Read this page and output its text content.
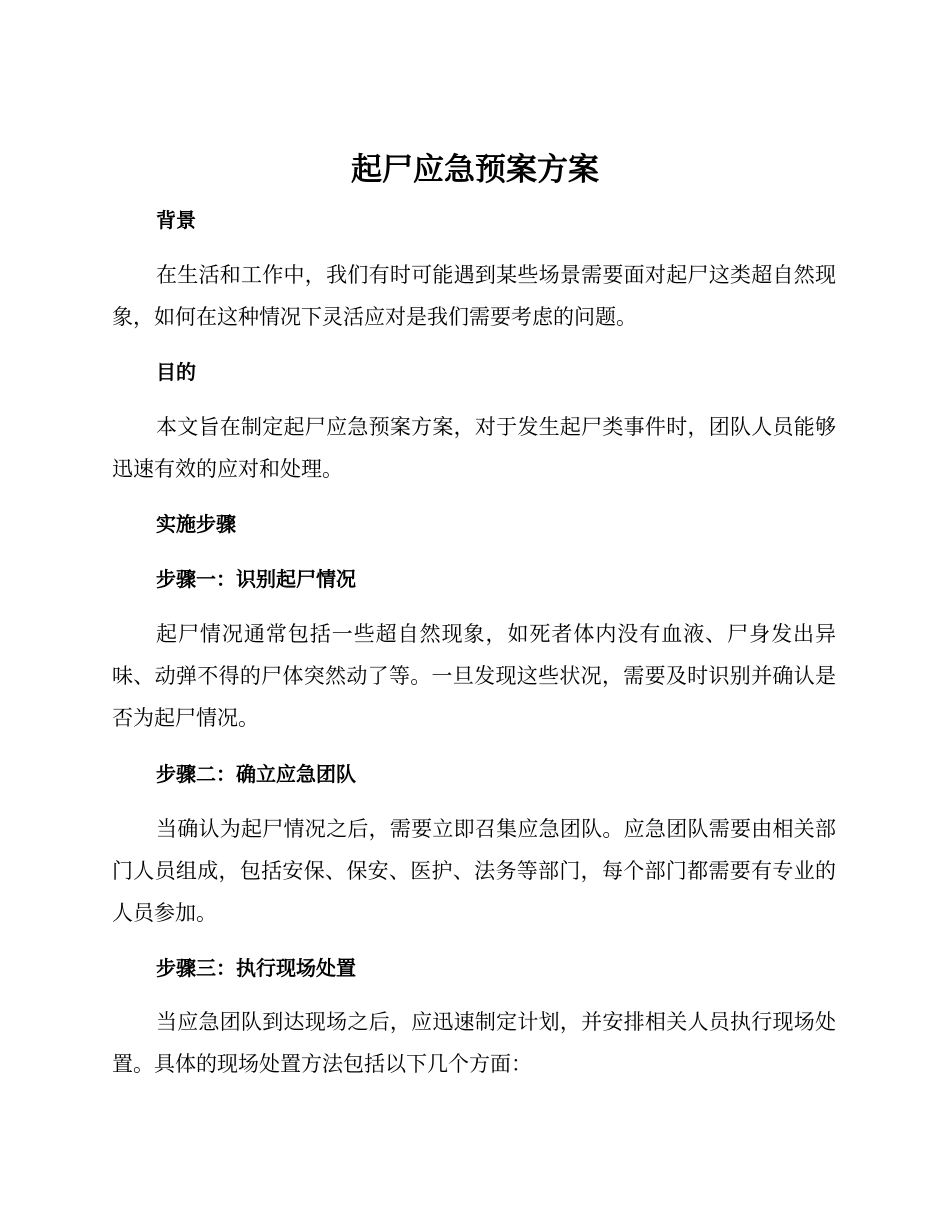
起尸应急预案方案
背景

在生活和工作中，我们有时可能遇到某些场景需要面对起尸这类超自然现象，如何在这种情况下灵活应对是我们需要考虑的问题。

目的

本文旨在制定起尸应急预案方案，对于发生起尸类事件时，团队人员能够迅速有效的应对和处理。

实施步骤
步骤一：识别起尸情况

起尸情况通常包括一些超自然现象，如死者体内没有血液、尸身发出异味、动弹不得的尸体突然动了等。一旦发现这些状况，需要及时识别并确认是否为起尸情况。

步骤二：确立应急团队

当确认为起尸情况之后，需要立即召集应急团队。应急团队需要由相关部门人员组成，包括安保、保安、医护、法务等部门，每个部门都需要有专业的人员参加。

步骤三：执行现场处置

当应急团队到达现场之后，应迅速制定计划，并安排相关人员执行现场处置。具体的现场处置方法包括以下几个方面：
